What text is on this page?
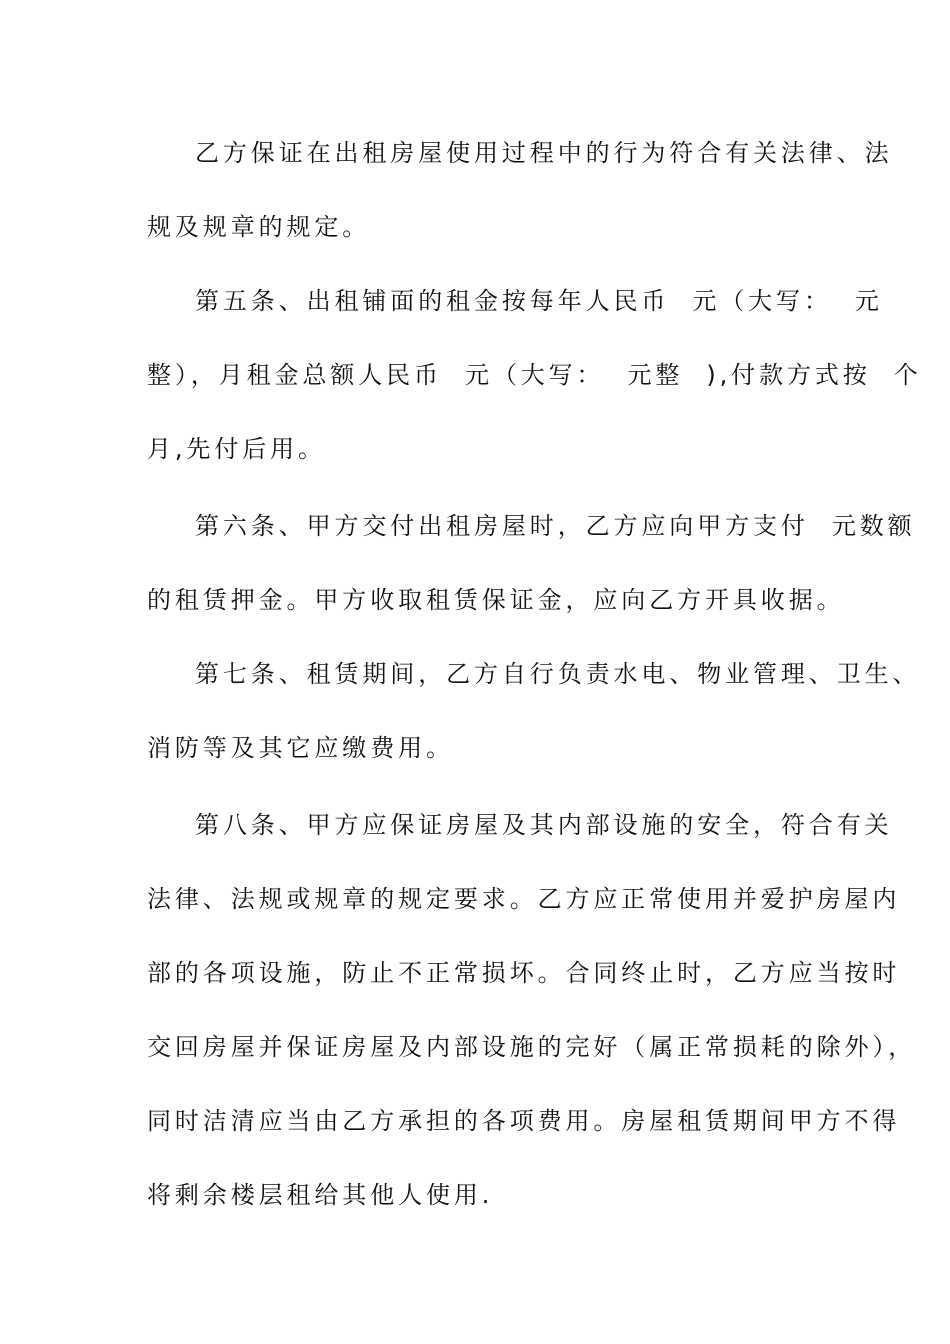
乙方保证在出租房屋使用过程中的行为符合有关法律、法
规及规章的规定。
第五条、出租铺面的租金按每年人民币  元（大写：  元
整），月租金总额人民币  元（大写：  元整  ),付款方式按  个
月,先付后用。
第六条、甲方交付出租房屋时，乙方应向甲方支付  元数额
的租赁押金。甲方收取租赁保证金，应向乙方开具收据。
第七条、租赁期间，乙方自行负责水电、物业管理、卫生、
消防等及其它应缴费用。
第八条、甲方应保证房屋及其内部设施的安全，符合有关
法律、法规或规章的规定要求。乙方应正常使用并爱护房屋内
部的各项设施，防止不正常损坏。合同终止时，乙方应当按时
交回房屋并保证房屋及内部设施的完好（属正常损耗的除外），
同时洁清应当由乙方承担的各项费用。房屋租赁期间甲方不得
将剩余楼层租给其他人使用.
